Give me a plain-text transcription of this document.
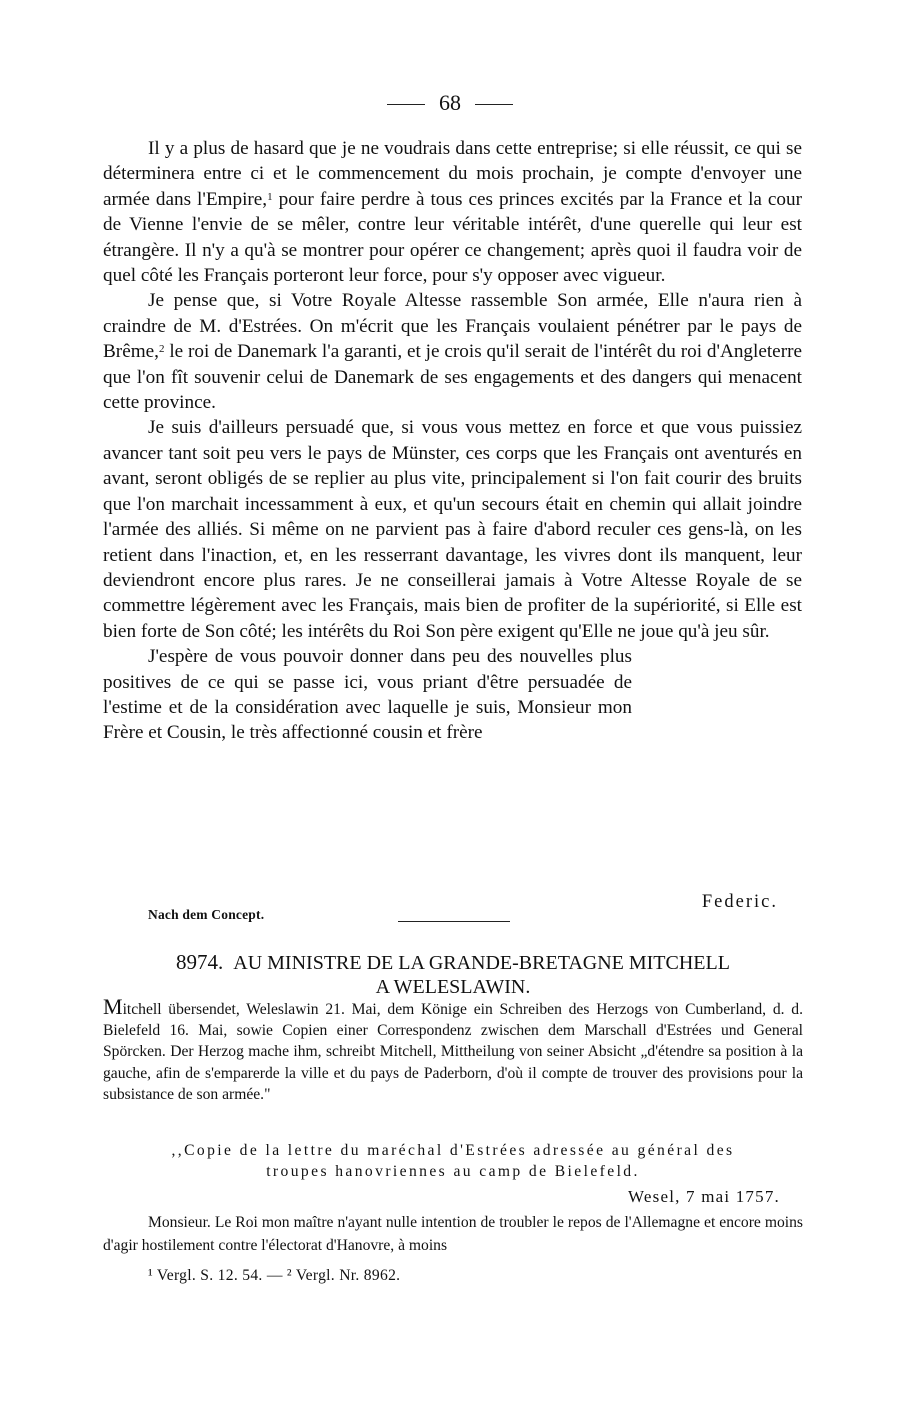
68

Il y a plus de hasard que je ne voudrais dans cette entreprise; si elle réussit, ce qui se déterminera entre ci et le commencement du mois prochain, je compte d'envoyer une armée dans l'Empire,$^1$ pour faire perdre à tous ces princes excités par la France et la cour de Vienne l'envie de se mêler, contre leur véritable intérêt, d'une querelle qui leur est étrangère. Il n'y a qu'à se montrer pour opérer ce changement; après quoi il faudra voir de quel côté les Français porteront leur force, pour s'y opposer avec vigueur.

Je pense que, si Votre Royale Altesse rassemble Son armée, Elle n'aura rien à craindre de M. d'Estrées. On m'écrit que les Français voulaient pénétrer par le pays de Brême,$^2$ le roi de Danemark l'a garanti, et je crois qu'il serait de l'intérêt du roi d'Angleterre que l'on fît souvenir celui de Danemark de ses engagements et des dangers qui menacent cette province.

Je suis d'ailleurs persuadé que, si vous vous mettez en force et que vous puissiez avancer tant soit peu vers le pays de Münster, ces corps que les Français ont aventurés en avant, seront obligés de se replier au plus vite, principalement si l'on fait courir des bruits que l'on marchait incessamment à eux, et qu'un secours était en chemin qui allait joindre l'armée des alliés. Si même on ne parvient pas à faire d'abord reculer ces gens-là, on les retient dans l'inaction, et, en les resserrant davantage, les vivres dont ils manquent, leur deviendront encore plus rares. Je ne conseillerai jamais à Votre Altesse Royale de se commettre légèrement avec les Français, mais bien de profiter de la supériorité, si Elle est bien forte de Son côté; les intérêts du Roi Son père exigent qu'Elle ne joue qu'à jeu sûr.

J'espère de vous pouvoir donner dans peu des nouvelles plus positives de ce qui se passe ici, vous priant d'être persuadée de l'estime et de la considération avec laquelle je suis, Monsieur mon Frère et Cousin, le très affectionné cousin et frère

Federic.
Nach dem Concept.
8974. AU MINISTRE DE LA GRANDE-BRETAGNE MITCHELL
A WELESLAWIN.

Mitchell übersendet, Weleslawin 21. Mai, dem Könige ein Schreiben des Herzogs von Cumberland, d. d. Bielefeld 16. Mai, sowie Copien einer Correspondenz zwischen dem Marschall d'Estrées und General Spörcken. Der Herzog mache ihm, schreibt Mitchell, Mittheilung von seiner Absicht „d'étendre sa position à la gauche, afin de s'emparerde la ville et du pays de Paderborn, d'où il compte de trouver des provisions pour la subsistance de son armée."

,,Copie de la lettre du maréchal d'Estrées adressée au général des
troupes hanovriennes au camp de Bielefeld.
Wesel, 7 mai 1757.

Monsieur. Le Roi mon maître n'ayant nulle intention de troubler le repos de l'Allemagne et encore moins d'agir hostilement contre l'électorat d'Hanovre, à moins

¹ Vergl. S. 12. 54. — ² Vergl. Nr. 8962.
